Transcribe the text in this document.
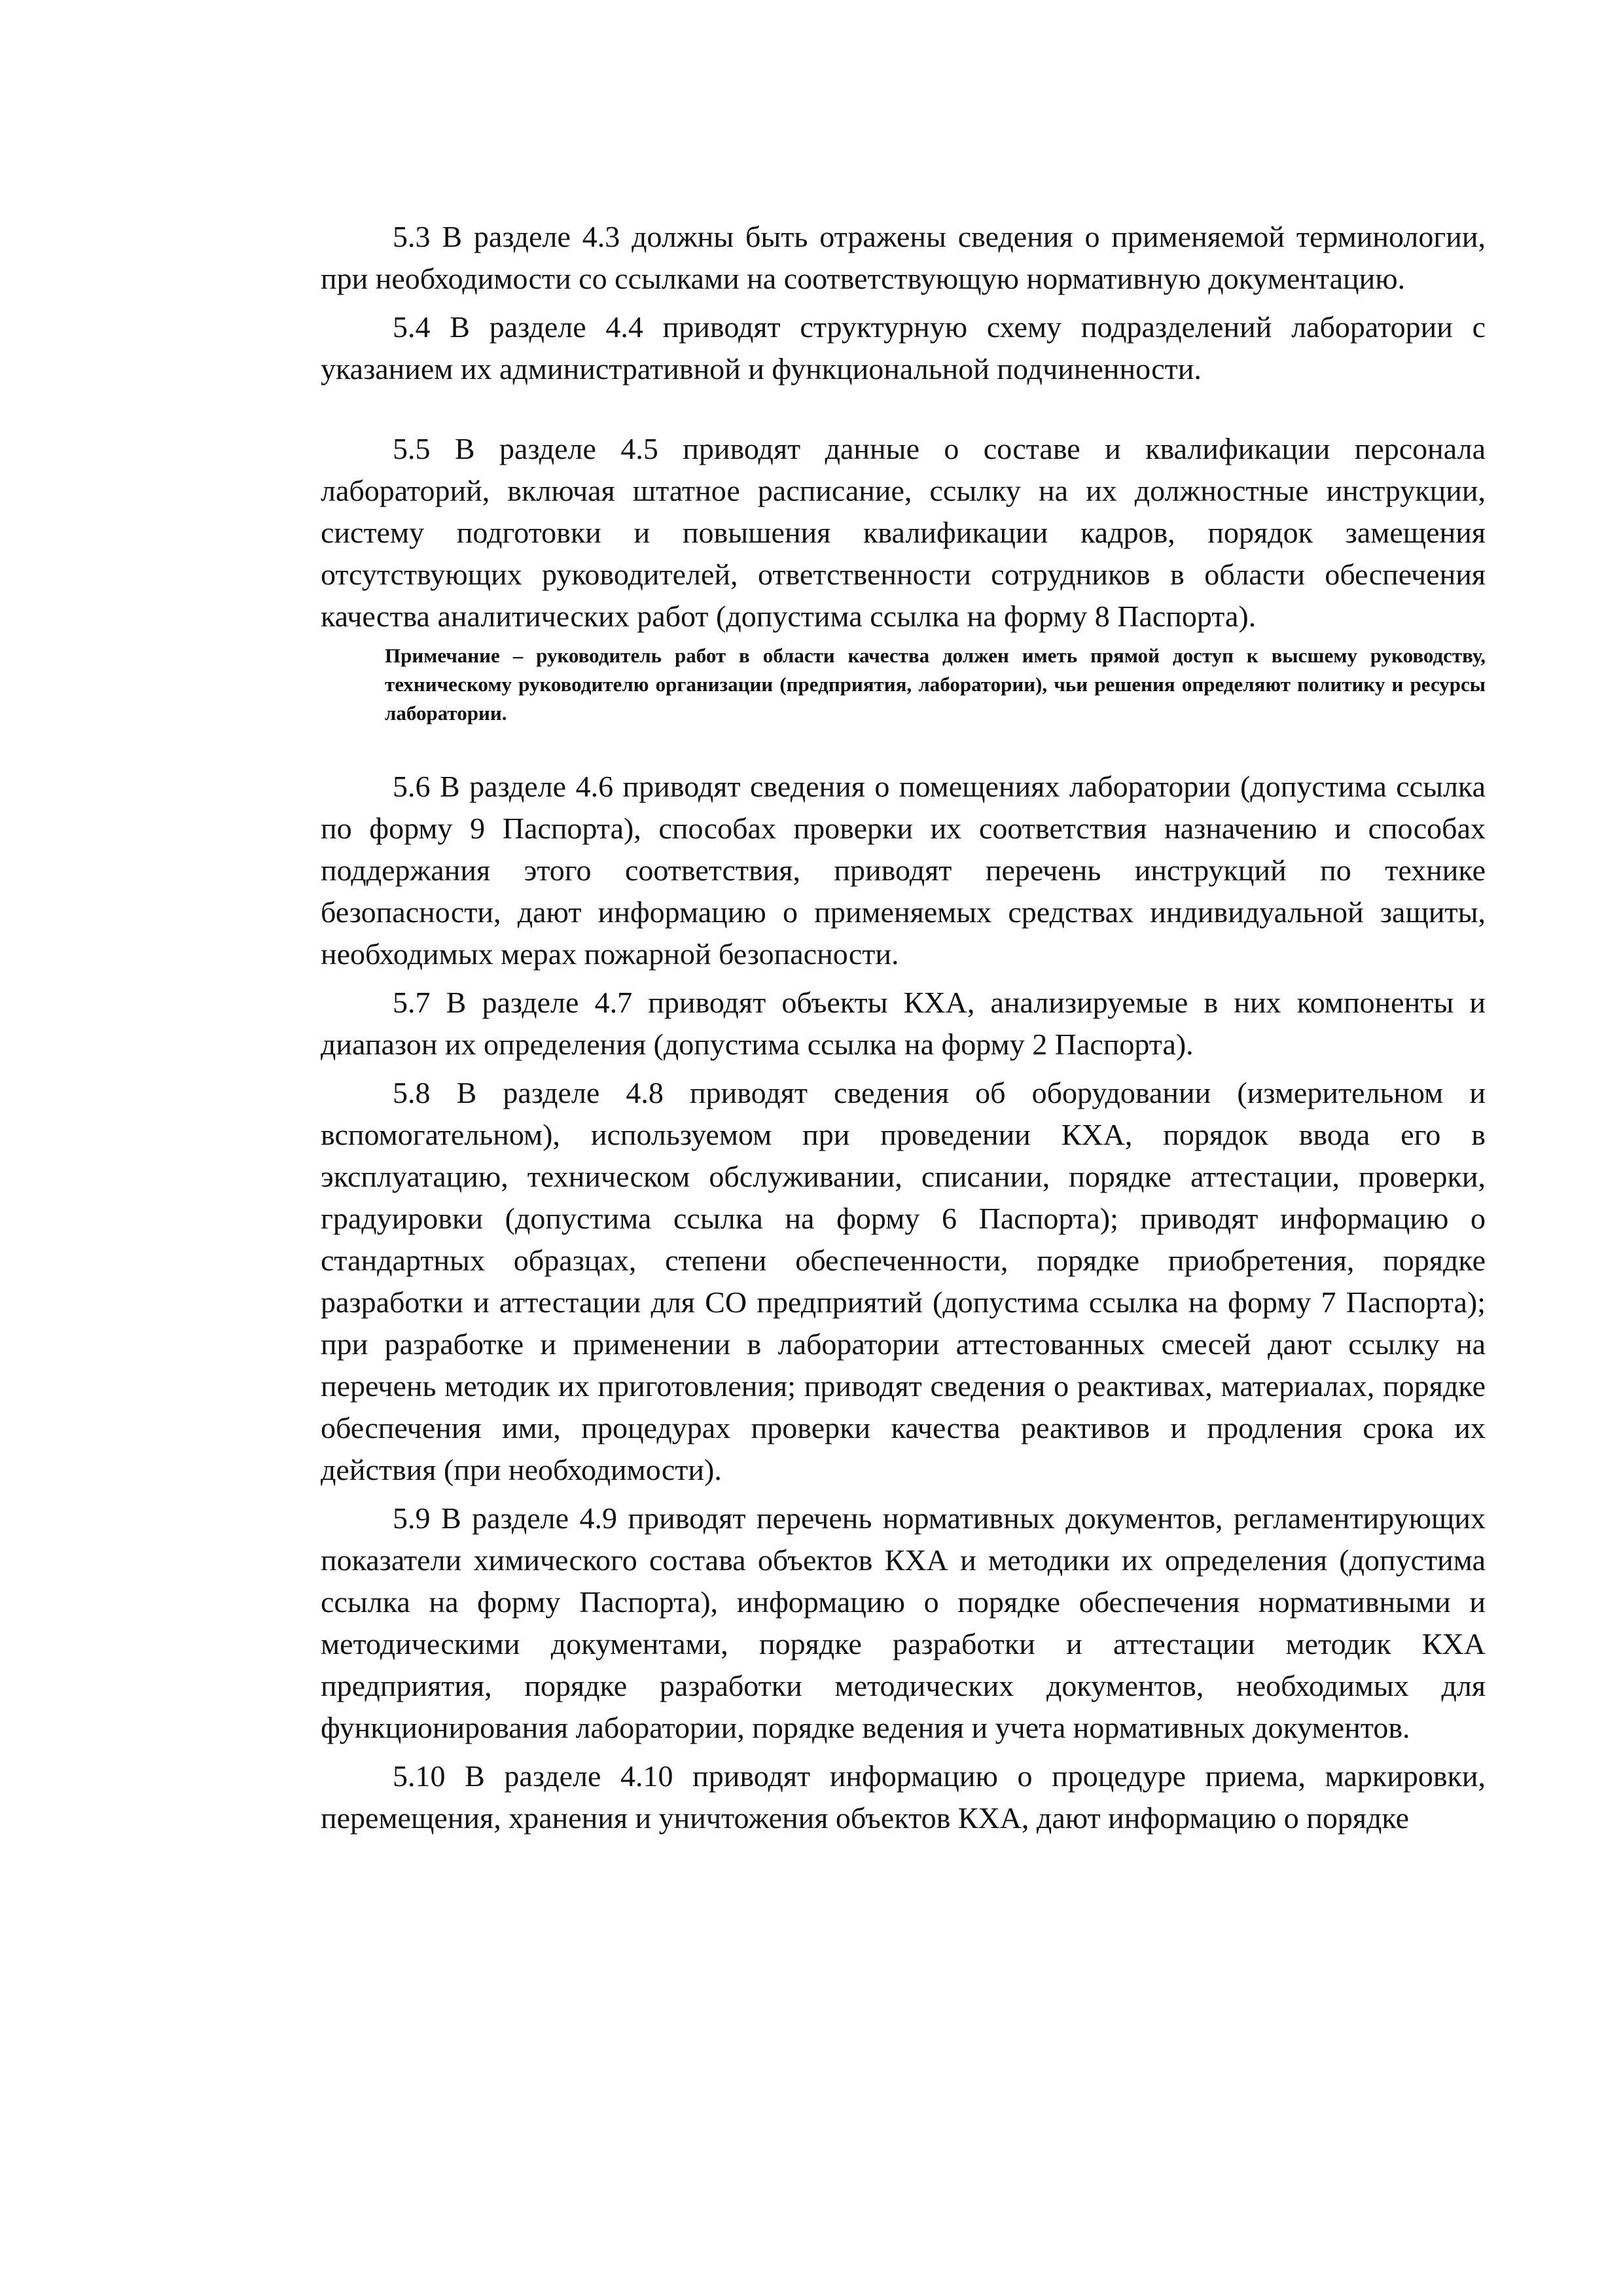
5.3 В разделе 4.3 должны быть отражены сведения о применяемой терминологии, при необходимости со ссылками на соответствующую нормативную документацию.

5.4 В разделе 4.4 приводят структурную схему подразделений лаборатории с указанием их административной и функциональной подчиненности.

5.5 В разделе 4.5 приводят данные о составе и квалификации персонала лабораторий, включая штатное расписание, ссылку на их должностные инструкции, систему подготовки и повышения квалификации кадров, порядок замещения отсутствующих руководителей, ответственности сотрудников в области обеспечения качества аналитических работ (допустима ссылка на форму 8 Паспорта).

Примечание – руководитель работ в области качества должен иметь прямой доступ к высшему руководству, техническому руководителю организации (предприятия, лаборатории), чьи решения определяют политику и ресурсы лаборатории.

5.6 В разделе 4.6 приводят сведения о помещениях лаборатории (допустима ссылка по форму 9 Паспорта), способах проверки их соответствия назначению и способах поддержания этого соответствия, приводят перечень инструкций по технике безопасности, дают информацию о применяемых средствах индивидуальной защиты, необходимых мерах пожарной безопасности.

5.7 В разделе 4.7 приводят объекты КХА, анализируемые в них компоненты и диапазон их определения (допустима ссылка на форму 2 Паспорта).

5.8 В разделе 4.8 приводят сведения об оборудовании (измерительном и вспомогательном), используемом при проведении КХА, порядок ввода его в эксплуатацию, техническом обслуживании, списании, порядке аттестации, проверки, градуировки (допустима ссылка на форму 6 Паспорта); приводят информацию о стандартных образцах, степени обеспеченности, порядке приобретения, порядке разработки и аттестации для СО предприятий (допустима ссылка на форму 7 Паспорта); при разработке и применении в лаборатории аттестованных смесей дают ссылку на перечень методик их приготовления; приводят сведения о реактивах, материалах, порядке обеспечения ими, процедурах проверки качества реактивов и продления срока их действия (при необходимости).

5.9 В разделе 4.9 приводят перечень нормативных документов, регламентирующих показатели химического состава объектов КХА и методики их определения (допустима ссылка на форму Паспорта), информацию о порядке обеспечения нормативными и методическими документами, порядке разработки и аттестации методик КХА предприятия, порядке разработки методических документов, необходимых для функционирования лаборатории, порядке ведения и учета нормативных документов.

5.10 В разделе 4.10 приводят информацию о процедуре приема, маркировки, перемещения, хранения и уничтожения объектов КХА, дают информацию о порядке
